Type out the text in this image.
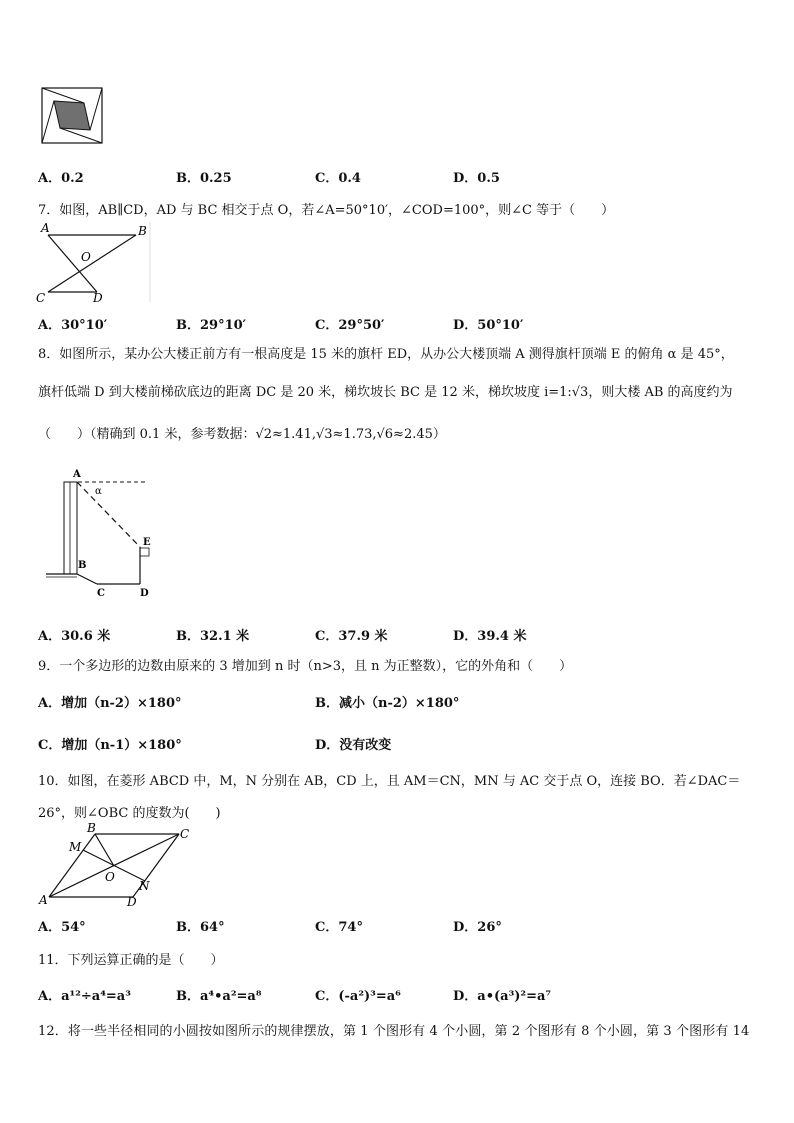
A．0.2	B．0.25	C．0.4	D．0.5
7．如图，AB∥CD，AD 与 BC 相交于点 O，若∠A=50°10′，∠COD=100°，则∠C 等于（　　）
A	B
O
C	D
A．30°10′	B．29°10′	C．29°50′	D．50°10′
8．如图所示，某办公大楼正前方有一根高度是 15 米的旗杆 ED，从办公大楼顶端 A 测得旗杆顶端 E 的俯角 α 是 45°，
旗杆低端 D 到大楼前梯砍底边的距离 DC 是 20 米，梯坎坡长 BC 是 12 米，梯坎坡度 i=1:√3，则大楼 AB 的高度约为
（　　）（精确到 0.1 米，参考数据：√2≈1.41,√3≈1.73,√6≈2.45）
A
α
E
B
C	D
A．30.6 米	B．32.1 米	C．37.9 米	D．39.4 米
9．一个多边形的边数由原来的 3 增加到 n 时（n>3，且 n 为正整数），它的外角和（　　）
A．增加（n-2）×180°	B．减小（n-2）×180°
C．增加（n-1）×180°	D．没有改变
10．如图，在菱形 ABCD 中，M，N 分别在 AB，CD 上，且 AM＝CN，MN 与 AC 交于点 O，连接 BO．若∠DAC＝
26°，则∠OBC 的度数为(　　)
A
B	C
D
M
N
O
A．54°	B．64°	C．74°	D．26°
11．下列运算正确的是（　　）
A．a¹²÷a⁴=a³	B．a⁴•a²=a⁸	C．(-a²)³=a⁶	D．a•(a³)²=a⁷
12．将一些半径相同的小圆按如图所示的规律摆放，第 1 个图形有 4 个小圆，第 2 个图形有 8 个小圆，第 3 个图形有 14
